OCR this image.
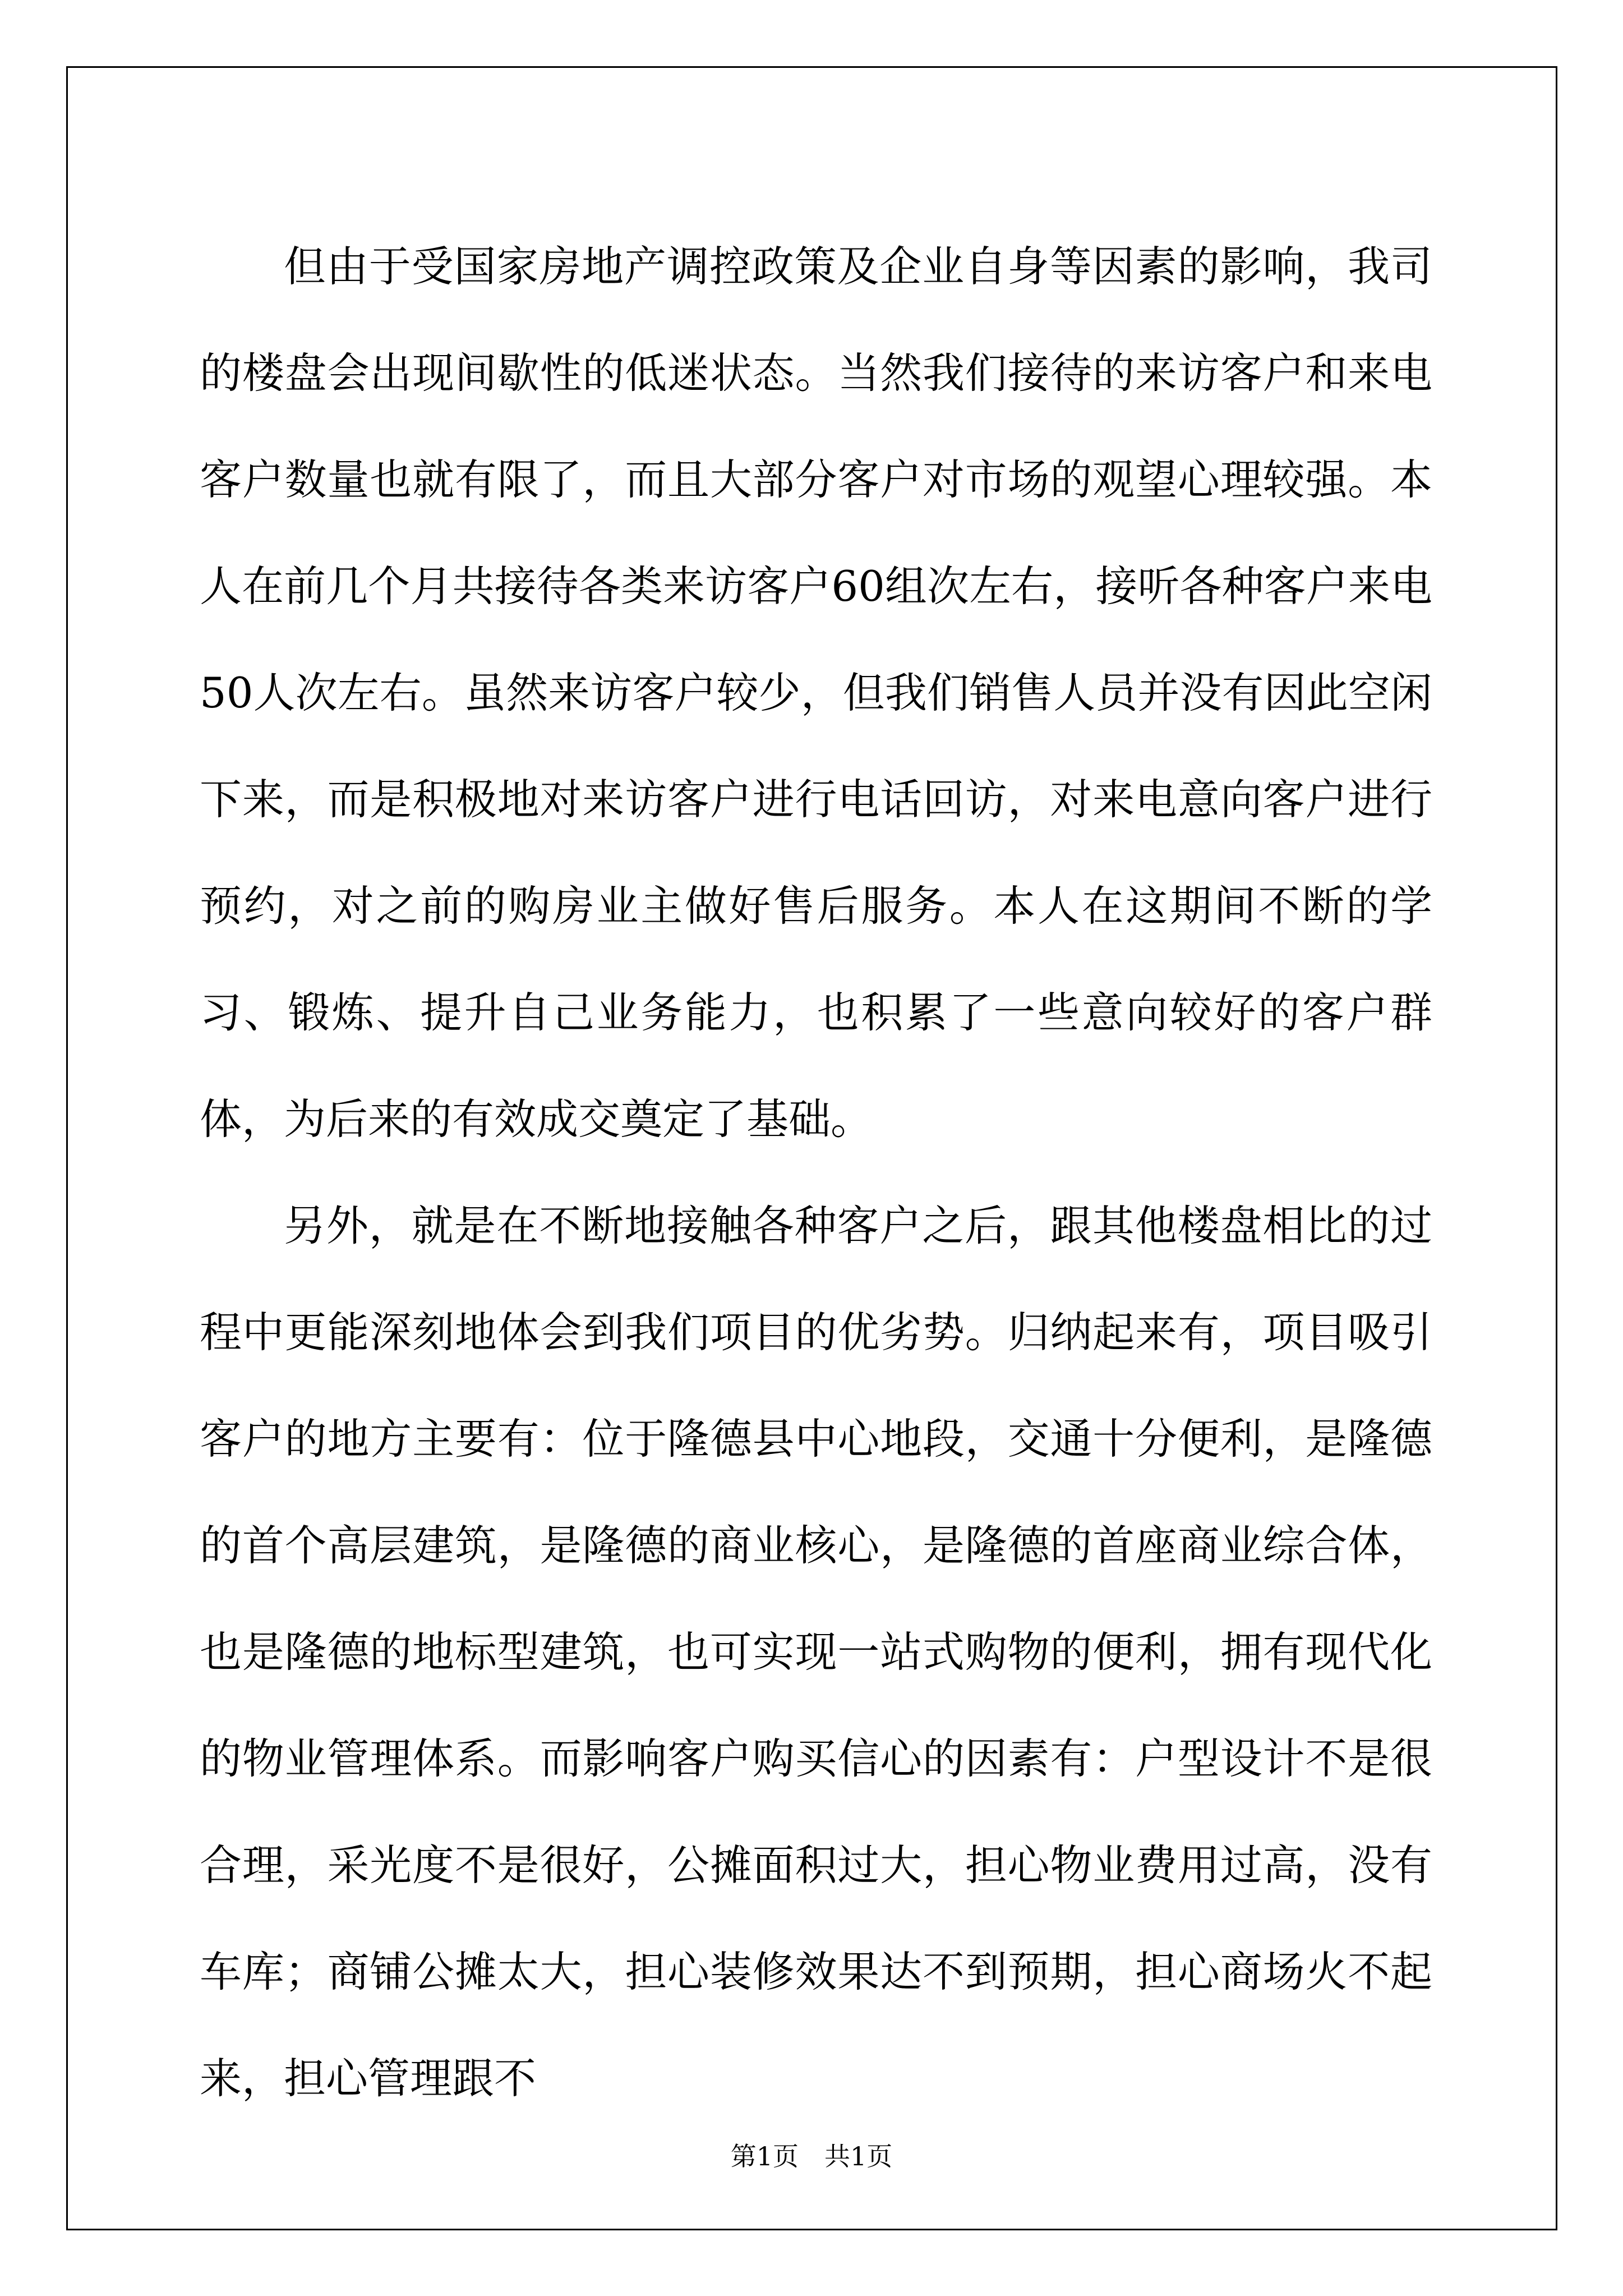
但由于受国家房地产调控政策及企业自身等因素的影响，我司的楼盘会出现间歇性的低迷状态。当然我们接待的来访客户和来电客户数量也就有限了，而且大部分客户对市场的观望心理较强。本人在前几个月共接待各类来访客户60组次左右，接听各种客户来电50人次左右。虽然来访客户较少，但我们销售人员并没有因此空闲下来，而是积极地对来访客户进行电话回访，对来电意向客户进行预约，对之前的购房业主做好售后服务。本人在这期间不断的学习、锻炼、提升自己业务能力，也积累了一些意向较好的客户群体，为后来的有效成交奠定了基础。

另外，就是在不断地接触各种客户之后，跟其他楼盘相比的过程中更能深刻地体会到我们项目的优劣势。归纳起来有，项目吸引客户的地方主要有：位于隆德县中心地段，交通十分便利，是隆德的首个高层建筑，是隆德的商业核心，是隆德的首座商业综合体，也是隆德的地标型建筑，也可实现一站式购物的便利，拥有现代化的物业管理体系。而影响客户购买信心的因素有：户型设计不是很合理，采光度不是很好，公摊面积过大，担心物业费用过高，没有车库；商铺公摊太大，担心装修效果达不到预期，担心商场火不起来，担心管理跟不

第1页　共1页
